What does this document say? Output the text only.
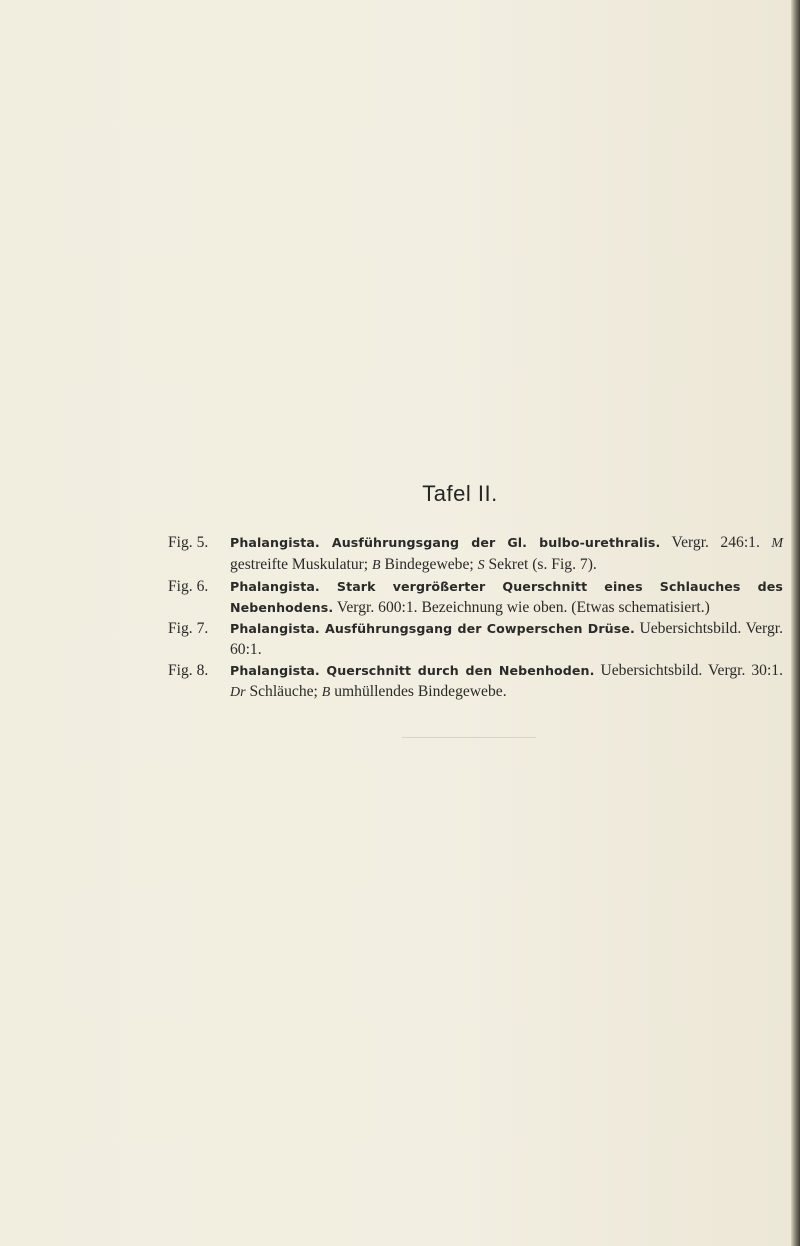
Tafel II.
Fig. 5.	Phalangista. Ausführungsgang der Gl. bulbo-urethralis. Vergr. 246:1. M gestreifte Muskulatur; B Bindegewebe; S Sekret (s. Fig. 7).
Fig. 6.	Phalangista. Stark vergrößerter Querschnitt eines Schlauches des Nebenhodens. Vergr. 600:1. Bezeichnung wie oben. (Etwas schematisiert.)
Fig. 7.	Phalangista. Ausführungsgang der Cowperschen Drüse. Uebersichtsbild. Vergr. 60:1.
Fig. 8.	Phalangista. Querschnitt durch den Nebenhoden. Uebersichtsbild. Vergr. 30:1. Dr Schläuche; B umhüllendes Bindegewebe.
